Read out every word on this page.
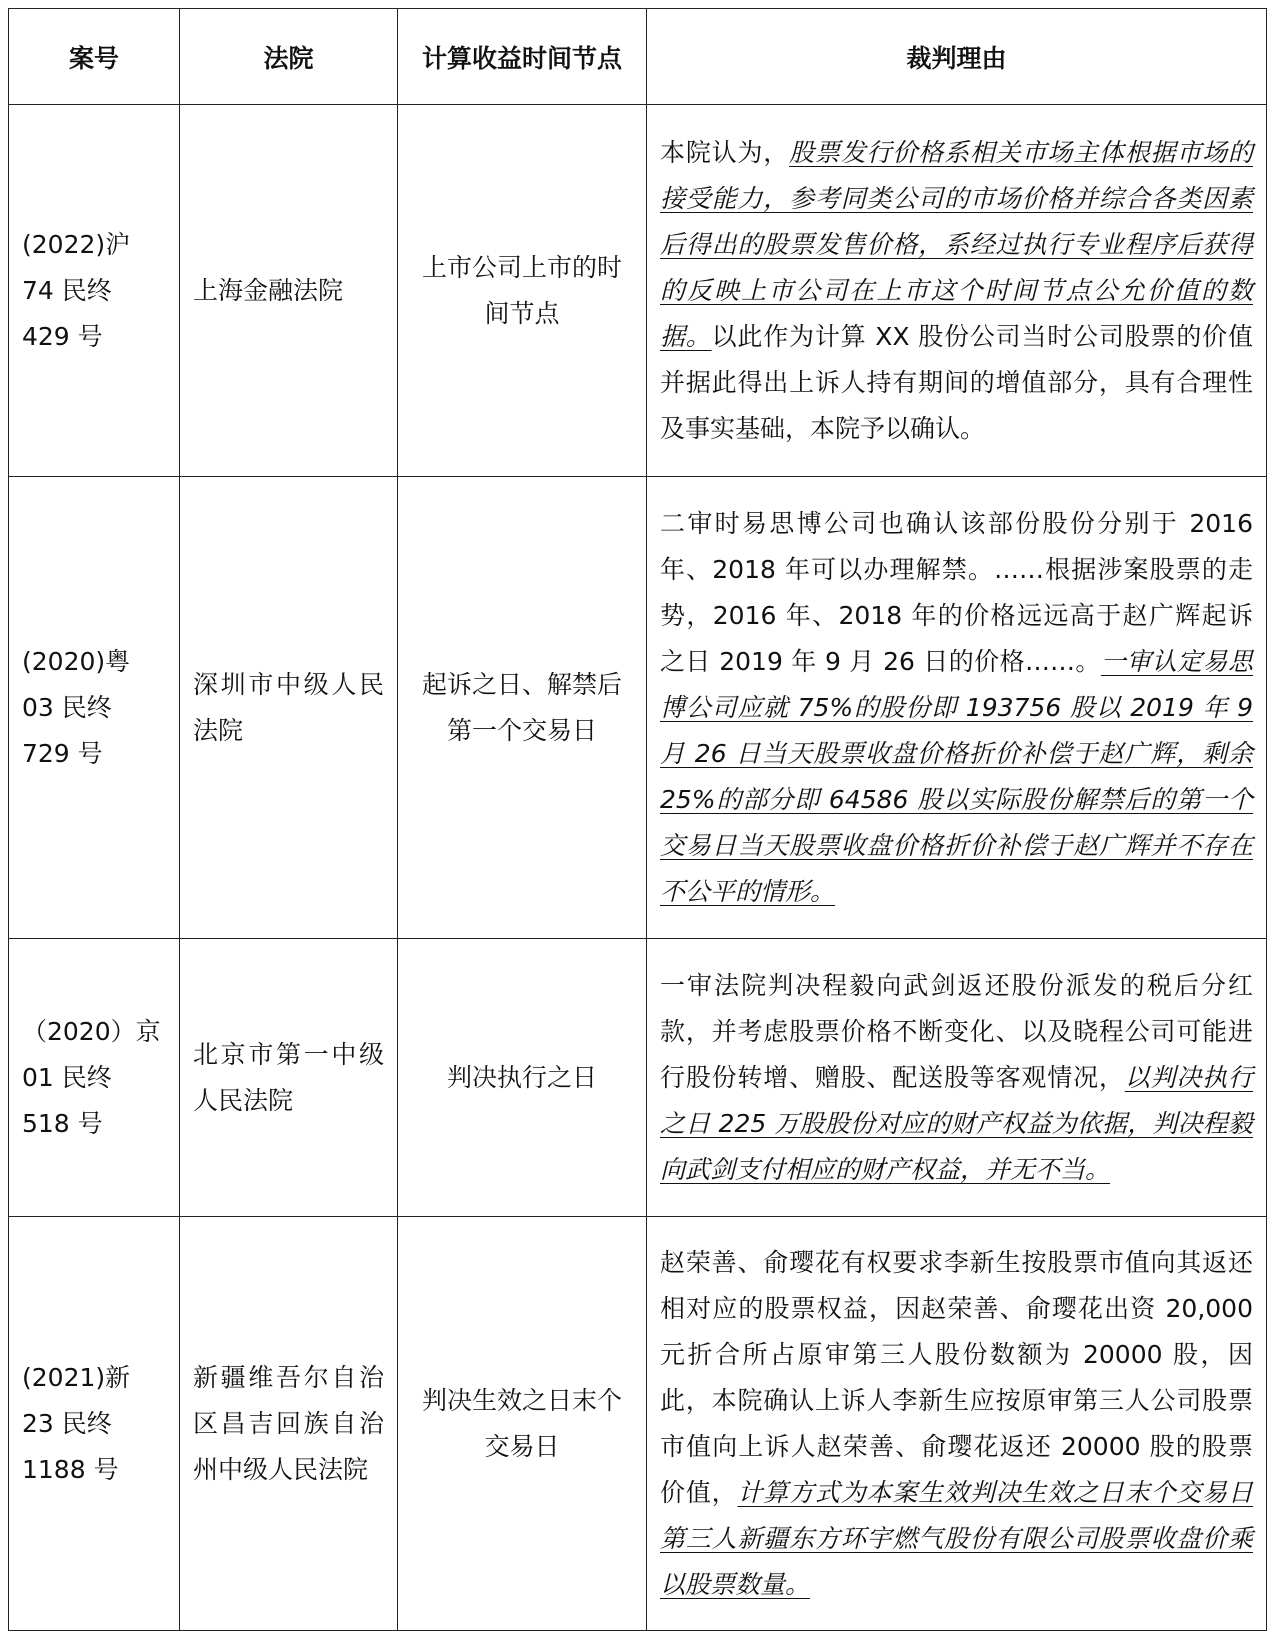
案号	法院	计算收益时间节点	裁判理由
(2022)沪 74 民终 429 号	上海金融法院	上市公司上市的时间节点	本院认为，股票发行价格系相关市场主体根据市场的接受能力，参考同类公司的市场价格并综合各类因素后得出的股票发售价格，系经过执行专业程序后获得的反映上市公司在上市这个时间节点公允价值的数据。以此作为计算 XX 股份公司当时公司股票的价值并据此得出上诉人持有期间的增值部分，具有合理性及事实基础，本院予以确认。
(2020)粤 03 民终 729 号	深圳市中级人民法院	起诉之日、解禁后第一个交易日	二审时易思博公司也确认该部份股份分别于 2016 年、2018 年可以办理解禁。……根据涉案股票的走势，2016 年、2018 年的价格远远高于赵广辉起诉之日 2019 年 9 月 26 日的价格……。一审认定易思博公司应就 75%的股份即 193756 股以 2019 年 9 月 26 日当天股票收盘价格折价补偿于赵广辉，剩余 25%的部分即 64586 股以实际股份解禁后的第一个交易日当天股票收盘价格折价补偿于赵广辉并不存在不公平的情形。
（2020）京 01 民终 518 号	北京市第一中级人民法院	判决执行之日	一审法院判决程毅向武剑返还股份派发的税后分红款，并考虑股票价格不断变化、以及晓程公司可能进行股份转增、赠股、配送股等客观情况，以判决执行之日 225 万股股份对应的财产权益为依据，判决程毅向武剑支付相应的财产权益，并无不当。
(2021)新 23 民终 1188 号	新疆维吾尔自治区昌吉回族自治州中级人民法院	判决生效之日末个交易日	赵荣善、俞璎花有权要求李新生按股票市值向其返还相对应的股票权益，因赵荣善、俞璎花出资 20,000 元折合所占原审第三人股份数额为 20000 股，因此，本院确认上诉人李新生应按原审第三人公司股票市值向上诉人赵荣善、俞璎花返还 20000 股的股票价值，计算方式为本案生效判决生效之日末个交易日第三人新疆东方环宇燃气股份有限公司股票收盘价乘以股票数量。
